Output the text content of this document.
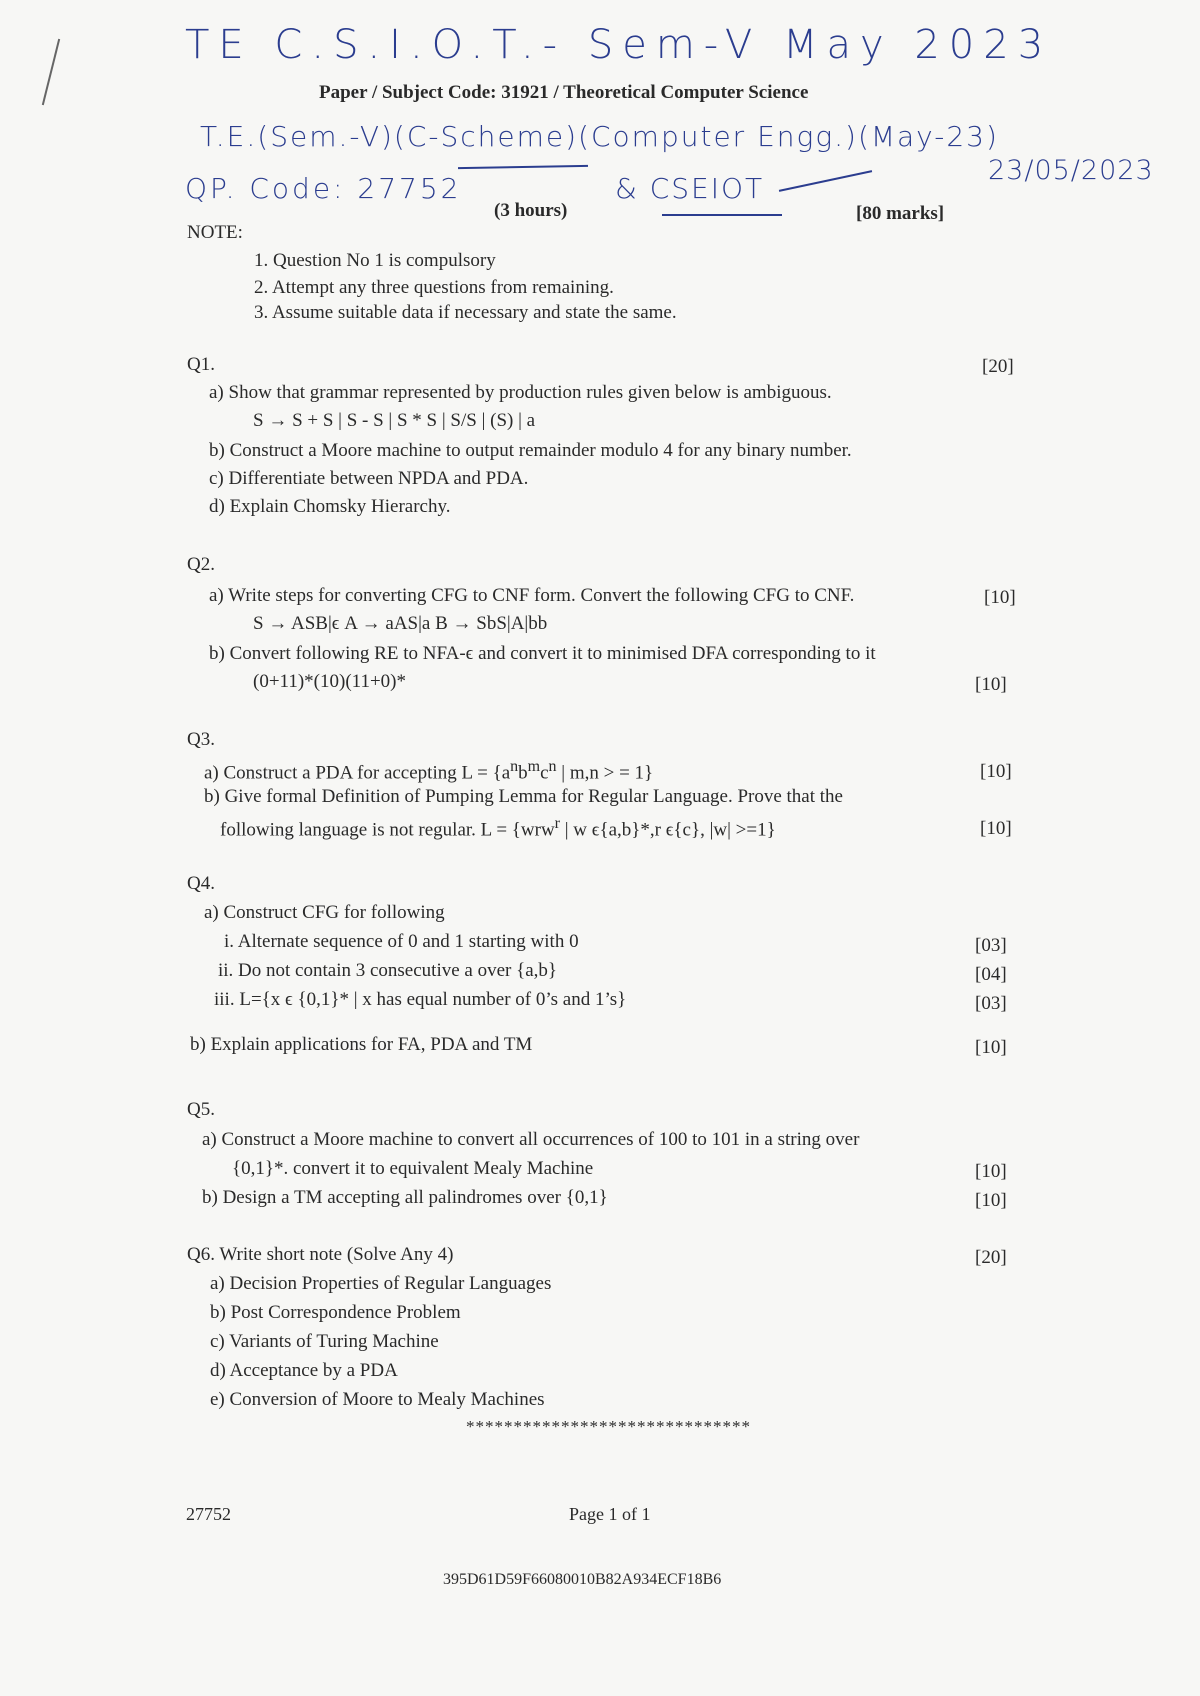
TE C.S.I.O.T.- Sem-V May 2023
T.E.(Sem.-V)(C-Scheme)(Computer Engg.)(May-23)
QP. Code: 27752	& CSEIOT
23/05/2023
Paper / Subject Code: 31921 / Theoretical Computer Science
(3 hours)	[80 marks]
NOTE:
1. Question No 1 is compulsory
2. Attempt any three questions from remaining.
3. Assume suitable data if necessary and state the same.
Q1.	[20]
a) Show that grammar represented by production rules given below is ambiguous.
S → S + S | S - S | S * S | S/S | (S) | a
b) Construct a Moore machine to output remainder modulo 4 for any binary number.
c) Differentiate between NPDA and PDA.
d) Explain Chomsky Hierarchy.
Q2.
a) Write steps for converting CFG to CNF form. Convert the following CFG to CNF.	[10]
S → ASB|ϵ A → aAS|a B → SbS|A|bb
b) Convert following RE to NFA-ϵ and convert it to minimised DFA corresponding to it
(0+11)*(10)(11+0)*	[10]
Q3.
a) Construct a PDA for accepting $L = \{a^nb^mc^n$ | m,n > = 1}	[10]
b) Give formal Definition of Pumping Lemma for Regular Language. Prove that the
following language is not regular. L = {wrw$^r$ | w ϵ{a,b}*,r ϵ{c}, |w| >=1}	[10]
Q4.
a) Construct CFG for following
i. Alternate sequence of 0 and 1 starting with 0	[03]
ii. Do not contain 3 consecutive a over {a,b}	[04]
iii. L={x ϵ {0,1}* | x has equal number of 0’s and 1’s}	[03]
b) Explain applications for FA, PDA and TM	[10]
Q5.
a) Construct a Moore machine to convert all occurrences of 100 to 101 in a string over
{0,1}*. convert it to equivalent Mealy Machine	[10]
b) Design a TM accepting all palindromes over {0,1}	[10]
Q6. Write short note (Solve Any 4)	[20]
a) Decision Properties of Regular Languages
b) Post Correspondence Problem
c) Variants of Turing Machine
d) Acceptance by a PDA
e) Conversion of Moore to Mealy Machines
******************************
27752	Page 1 of 1
395D61D59F66080010B82A934ECF18B6
